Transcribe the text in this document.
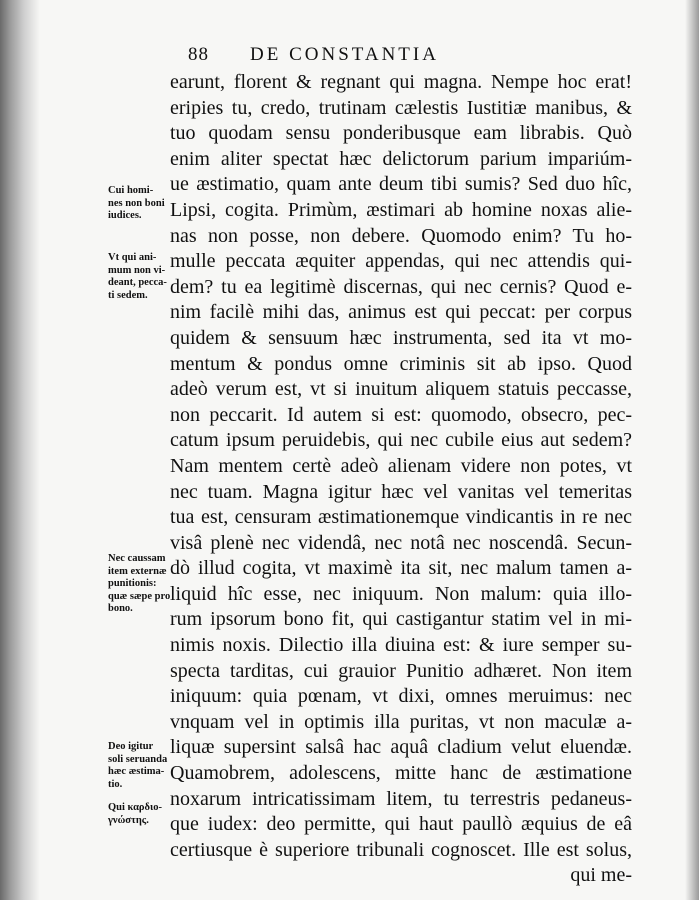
88 DE CONSTANTIA
earunt, florent & regnant qui magna. Nempe hoc erat!
eripies tu, credo, trutinam cælestis Iustitiæ manibus, &
tuo quodam sensu ponderibusque eam librabis. Quò
enim aliter spectat hæc delictorum parium impariúm-
ue æstimatio, quam ante deum tibi sumis? Sed duo hîc,
Lipsi, cogita. Primùm, æstimari ab homine noxas alie-
nas non posse, non debere. Quomodo enim? Tu ho-
mulle peccata æquiter appendas, qui nec attendis qui-
dem? tu ea legitimè discernas, qui nec cernis? Quod e-
nim facilè mihi das, animus est qui peccat: per corpus
quidem & sensuum hæc instrumenta, sed ita vt mo-
mentum & pondus omne criminis sit ab ipso. Quod
adeò verum est, vt si inuitum aliquem statuis peccasse,
non peccarit. Id autem si est: quomodo, obsecro, pec-
catum ipsum peruidebis, qui nec cubile eius aut sedem?
Nam mentem certè adeò alienam videre non potes, vt
nec tuam. Magna igitur hæc vel vanitas vel temeritas
tua est, censuram æstimationemque vindicantis in re nec
visâ plenè nec videndâ, nec notâ nec noscendâ. Secun-
dò illud cogita, vt maximè ita sit, nec malum tamen a-
liquid hîc esse, nec iniquum. Non malum: quia illo-
rum ipsorum bono fit, qui castigantur statim vel in mi-
nimis noxis. Dilectio illa diuina est: & iure semper su-
specta tarditas, cui grauior Punitio adhæret. Non item
iniquum: quia pœnam, vt dixi, omnes meruimus: nec
vnquam vel in optimis illa puritas, vt non maculæ a-
liquæ supersint salsâ hac aquâ cladium velut eluendæ.
Quamobrem, adolescens, mitte hanc de æstimatione
noxarum intricatissimam litem, tu terrestris pedaneus-
que iudex: deo permitte, qui haut paullò æquius de eâ
certiusque è superiore tribunali cognoscet. Ille est solus,
qui me-
Cui homi-
nes non boni
iudices.
Vt qui ani-
mum non vi-
deant, pecca-
ti sedem.
Nec caussam
item externæ
punitionis:
quæ sæpe pro
bono.
Deo igitur
soli seruanda
hæc æstima-
tio.
Qui καρδιο-
γνώστης.
